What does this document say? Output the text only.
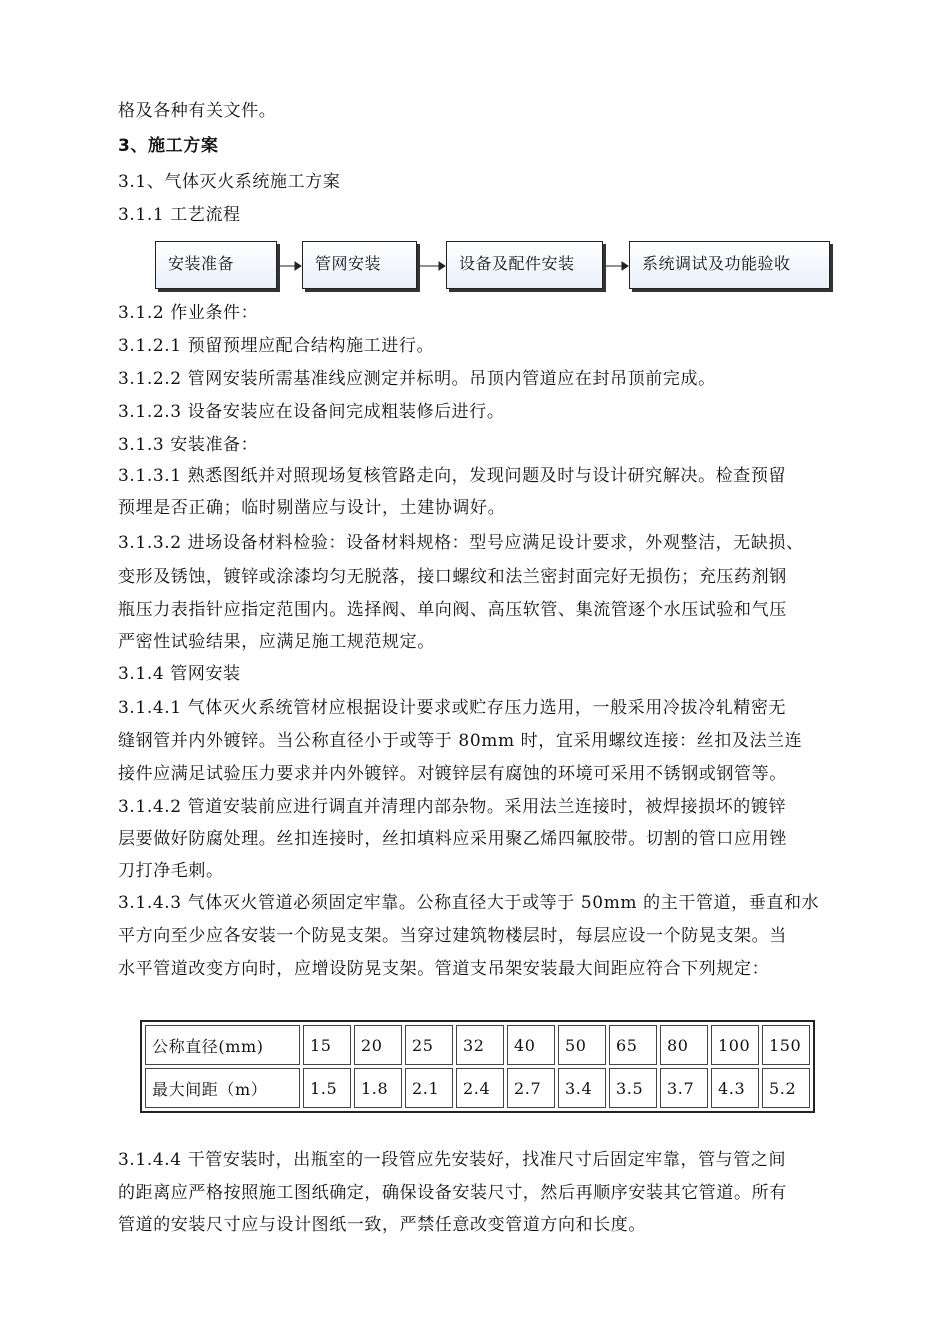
格及各种有关文件。
3、施工方案
3.1、气体灭火系统施工方案
3.1.1 工艺流程
安装准备	管网安装	设备及配件安装	系统调试及功能验收
3.1.2 作业条件：
3.1.2.1 预留预埋应配合结构施工进行。
3.1.2.2 管网安装所需基准线应测定并标明。吊顶内管道应在封吊顶前完成。
3.1.2.3 设备安装应在设备间完成粗装修后进行。
3.1.3 安装准备：
3.1.3.1 熟悉图纸并对照现场复核管路走向，发现问题及时与设计研究解决。检查预留
预埋是否正确；临时剔凿应与设计，土建协调好。
3.1.3.2 进场设备材料检验：设备材料规格：型号应满足设计要求，外观整洁，无缺损、
变形及锈蚀，镀锌或涂漆均匀无脱落，接口螺纹和法兰密封面完好无损伤；充压药剂钢
瓶压力表指针应指定范围内。选择阀、单向阀、高压软管、集流管逐个水压试验和气压
严密性试验结果，应满足施工规范规定。
3.1.4 管网安装
3.1.4.1 气体灭火系统管材应根据设计要求或贮存压力选用，一般采用冷拔冷轧精密无
缝钢管并内外镀锌。当公称直径小于或等于 80mm 时，宜采用螺纹连接：丝扣及法兰连
接件应满足试验压力要求并内外镀锌。对镀锌层有腐蚀的环境可采用不锈钢或钢管等。
3.1.4.2 管道安装前应进行调直并清理内部杂物。采用法兰连接时，被焊接损坏的镀锌
层要做好防腐处理。丝扣连接时，丝扣填料应采用聚乙烯四氟胶带。切割的管口应用锉
刀打净毛刺。
3.1.4.3 气体灭火管道必须固定牢靠。公称直径大于或等于 50mm 的主干管道，垂直和水
平方向至少应各安装一个防晃支架。当穿过建筑物楼层时，每层应设一个防晃支架。当
水平管道改变方向时，应增设防晃支架。管道支吊架安装最大间距应符合下列规定：
公称直径(mm)	15	20	25	32	40	50	65	80	100	150
最大间距（m）	1.5	1.8	2.1	2.4	2.7	3.4	3.5	3.7	4.3	5.2
3.1.4.4 干管安装时，出瓶室的一段管应先安装好，找准尺寸后固定牢靠，管与管之间
的距离应严格按照施工图纸确定，确保设备安装尺寸，然后再顺序安装其它管道。所有
管道的安装尺寸应与设计图纸一致，严禁任意改变管道方向和长度。
